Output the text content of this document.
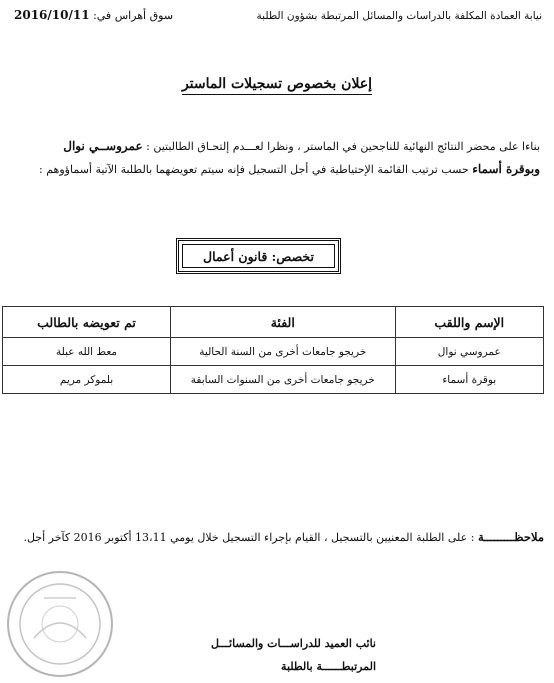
نيابة العمادة المكلفة بالدراسات والمسائل المرتبطة بشؤون الطلبة
سوق أهراس في: 2016/10/11
إعلان بخصوص تسجيلات الماستر
بناءا على محضر النتائج النهائية للناجحين في الماستر ، ونظرا لعـــدم إلتحـاق الطالبتين : عمروســي نوال
وبوقرة أسماء حسب ترتيب القائمة الإحتياطية في أجل التسجيل فإنه سيتم تعويضهما بالطلبة الآتية أسماؤوهم :
تخصص: قانون أعمال
الإسم واللقب	الفئة	تم تعويضه بالطالب
عمروسي نوال	خريجو جامعات أخرى من السنة الحالية	معط الله عبلة
بوقرة أسماء	خريجو جامعات أخرى من السنوات السابقة	بلموكر مريم
ملاحظـــــــــة : على الطلبة المعنيين بالتسجيل ، القيام بإجراء التسجيل خلال يومي 13،11 أكتوبر 2016 كآخر أجل.
نائب العميد للدراســـات والمسائـــل
المرتبطــــــة بالطلبة
